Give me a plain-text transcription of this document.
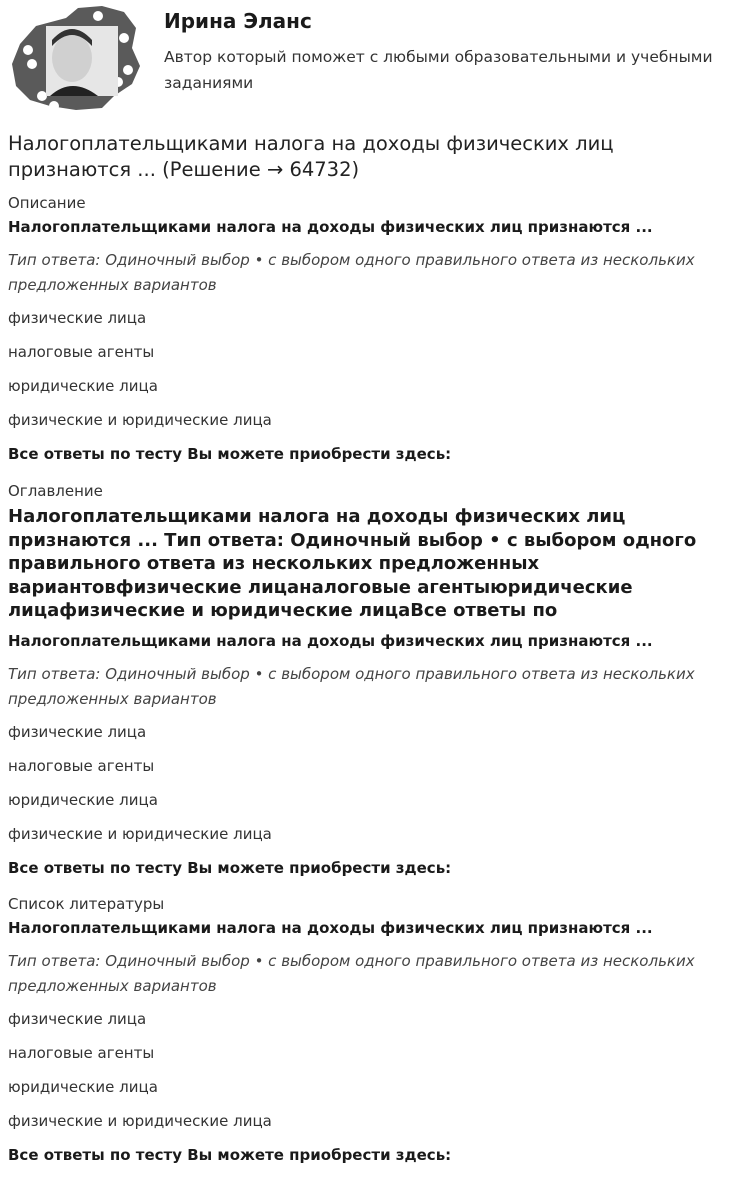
Ирина Эланс
Автор который поможет с любыми образовательными и учебными заданиями
Налогоплательщиками налога на доходы физических лиц признаются ... (Решение → 64732)
Описание
Налогоплательщиками налога на доходы физических лиц признаются ...
Тип ответа: Одиночный выбор • с выбором одного правильного ответа из нескольких предложенных вариантов
физические лица
налоговые агенты
юридические лица
физические и юридические лица
Все ответы по тесту Вы можете приобрести здесь:
Оглавление
Налогоплательщиками налога на доходы физических лиц признаются ... Тип ответа: Одиночный выбор • с выбором одного правильного ответа из нескольких предложенных вариантовфизические лицаналоговые агентыюридические лицафизические и юридические лицаВсе ответы по
Налогоплательщиками налога на доходы физических лиц признаются ...
Тип ответа: Одиночный выбор • с выбором одного правильного ответа из нескольких предложенных вариантов
физические лица
налоговые агенты
юридические лица
физические и юридические лица
Все ответы по тесту Вы можете приобрести здесь:
Список литературы
Налогоплательщиками налога на доходы физических лиц признаются ...
Тип ответа: Одиночный выбор • с выбором одного правильного ответа из нескольких предложенных вариантов
физические лица
налоговые агенты
юридические лица
физические и юридические лица
Все ответы по тесту Вы можете приобрести здесь:
